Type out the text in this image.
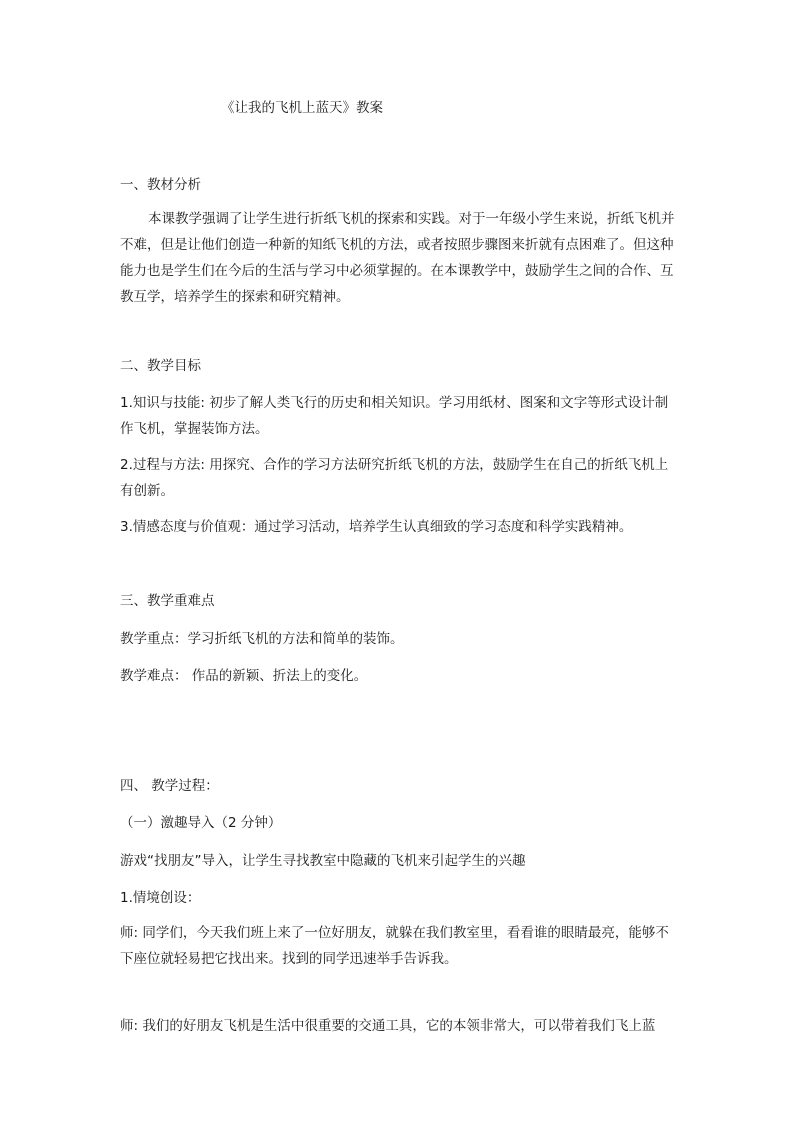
《让我的飞机上蓝天》教案
一、教材分析
本课教学强调了让学生进行折纸飞机的探索和实践。对于一年级小学生来说，折纸飞机并不难，但是让他们创造一种新的知纸飞机的方法，或者按照步骤图来折就有点困难了。但这种能力也是学生们在今后的生活与学习中必须掌握的。在本课教学中，鼓励学生之间的合作、互教互学，培养学生的探索和研究精神。
二、教学目标
1.知识与技能: 初步了解人类飞行的历史和相关知识。学习用纸材、图案和文字等形式设计制作飞机，掌握装饰方法。
2.过程与方法: 用探究、合作的学习方法研究折纸飞机的方法，鼓励学生在自己的折纸飞机上有创新。
3.情感态度与价值观：通过学习活动，培养学生认真细致的学习态度和科学实践精神。
三、教学重难点
教学重点：学习折纸飞机的方法和简单的装饰。
教学难点： 作品的新颖、折法上的变化。
四、 教学过程：
（一）激趣导入（2 分钟）
游戏“找朋友”导入，让学生寻找教室中隐藏的飞机来引起学生的兴趣
1.情境创设：
师: 同学们，今天我们班上来了一位好朋友，就躲在我们教室里，看看谁的眼睛最亮，能够不下座位就轻易把它找出来。找到的同学迅速举手告诉我。
师: 我们的好朋友飞机是生活中很重要的交通工具，它的本领非常大，可以带着我们飞上蓝
